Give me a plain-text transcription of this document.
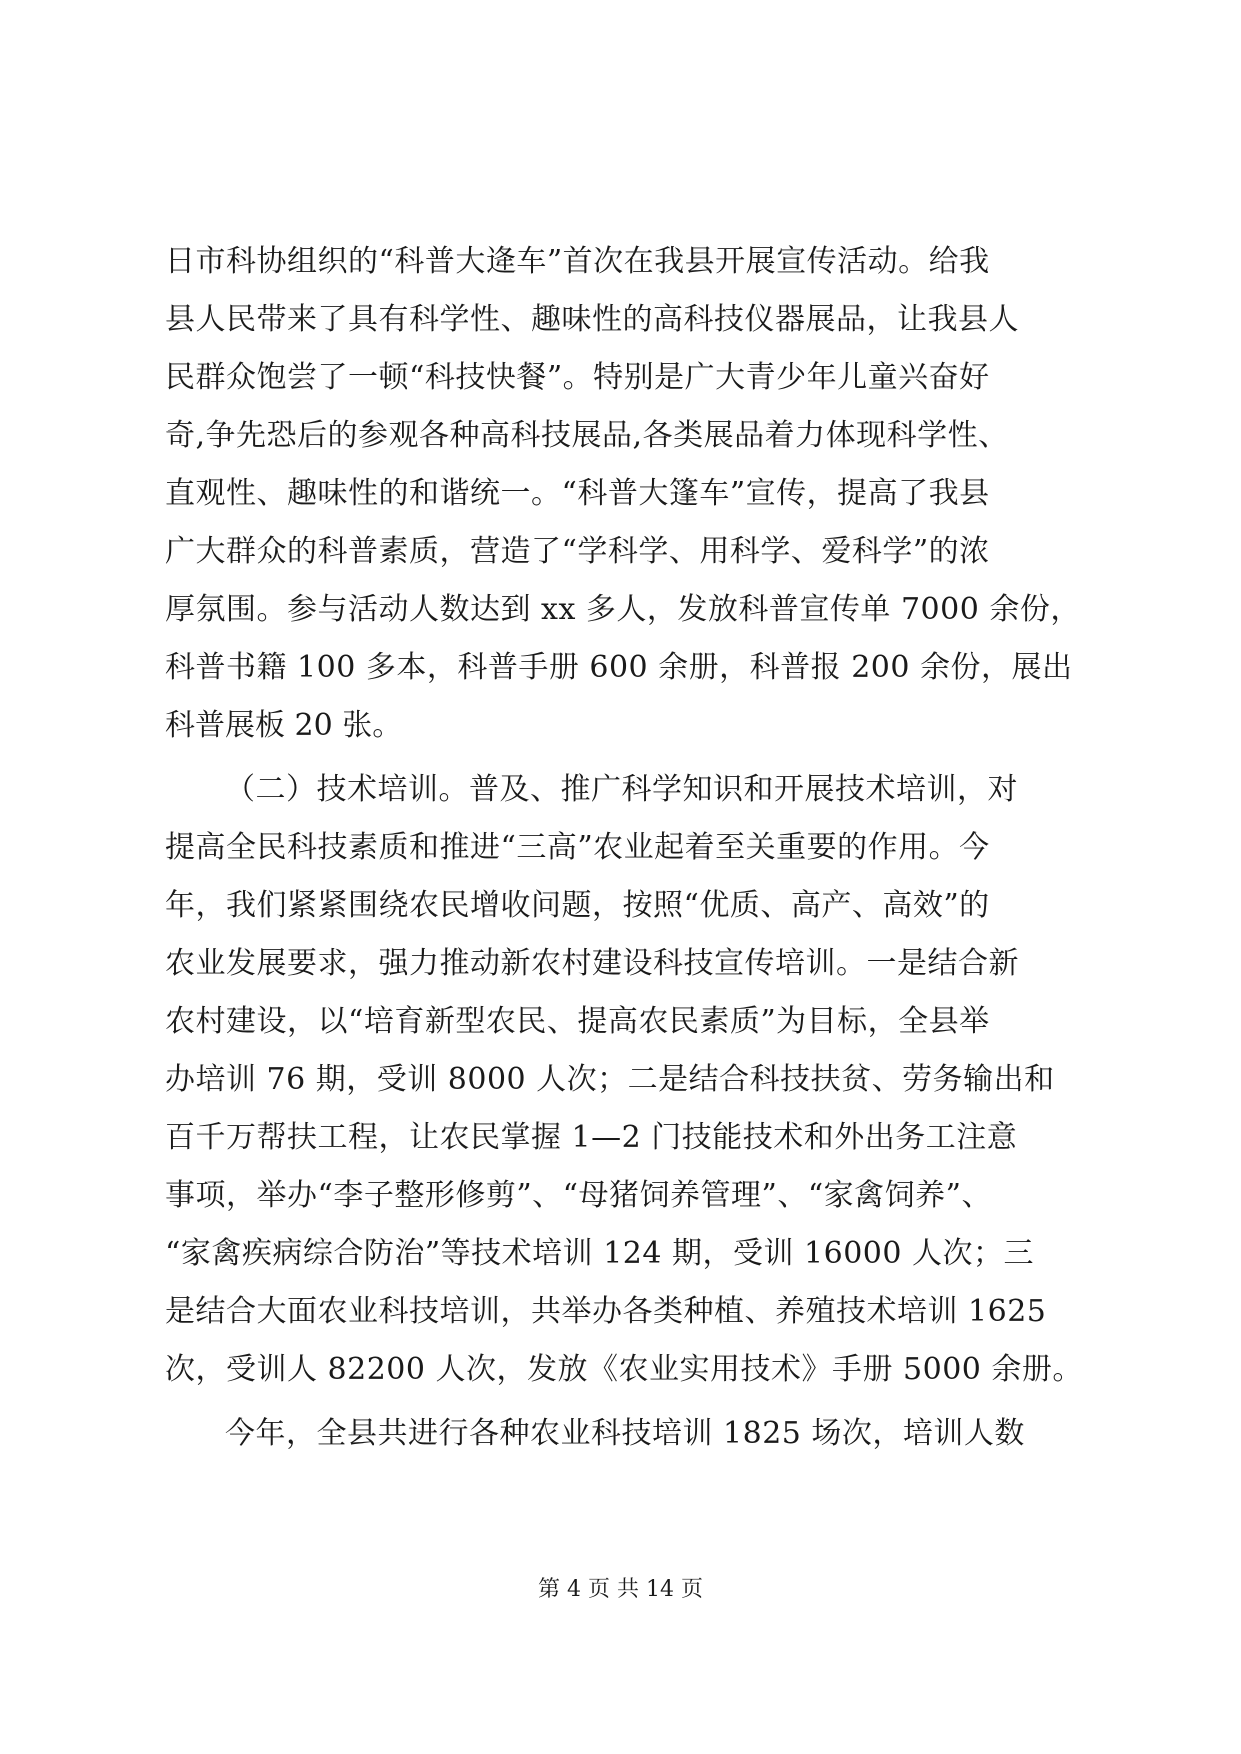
日市科协组织的“科普大逄车”首次在我县开展宣传活动。给我
县人民带来了具有科学性、趣味性的高科技仪器展品，让我县人
民群众饱尝了一顿“科技快餐”。特别是广大青少年儿童兴奋好
奇,争先恐后的参观各种高科技展品,各类展品着力体现科学性、
直观性、趣味性的和谐统一。“科普大篷车”宣传，提高了我县
广大群众的科普素质，营造了“学科学、用科学、爱科学”的浓
厚氛围。参与活动人数达到 xx 多人，发放科普宣传单 7000 余份，
科普书籍 100 多本，科普手册 600 余册，科普报 200 余份，展出
科普展板 20 张。
（二）技术培训。普及、推广科学知识和开展技术培训，对
提高全民科技素质和推进“三高”农业起着至关重要的作用。今
年，我们紧紧围绕农民增收问题，按照“优质、高产、高效”的
农业发展要求，强力推动新农村建设科技宣传培训。一是结合新
农村建设，以“培育新型农民、提高农民素质”为目标，全县举
办培训 76 期，受训 8000 人次；二是结合科技扶贫、劳务输出和
百千万帮扶工程，让农民掌握 1—2 门技能技术和外出务工注意
事项，举办“李子整形修剪”、“母猪饲养管理”、“家禽饲养”、
“家禽疾病综合防治”等技术培训 124 期，受训 16000 人次；三
是结合大面农业科技培训，共举办各类种植、养殖技术培训 1625
次，受训人 82200 人次，发放《农业实用技术》手册 5000 余册。
今年，全县共进行各种农业科技培训 1825 场次，培训人数
第 4 页 共 14 页
